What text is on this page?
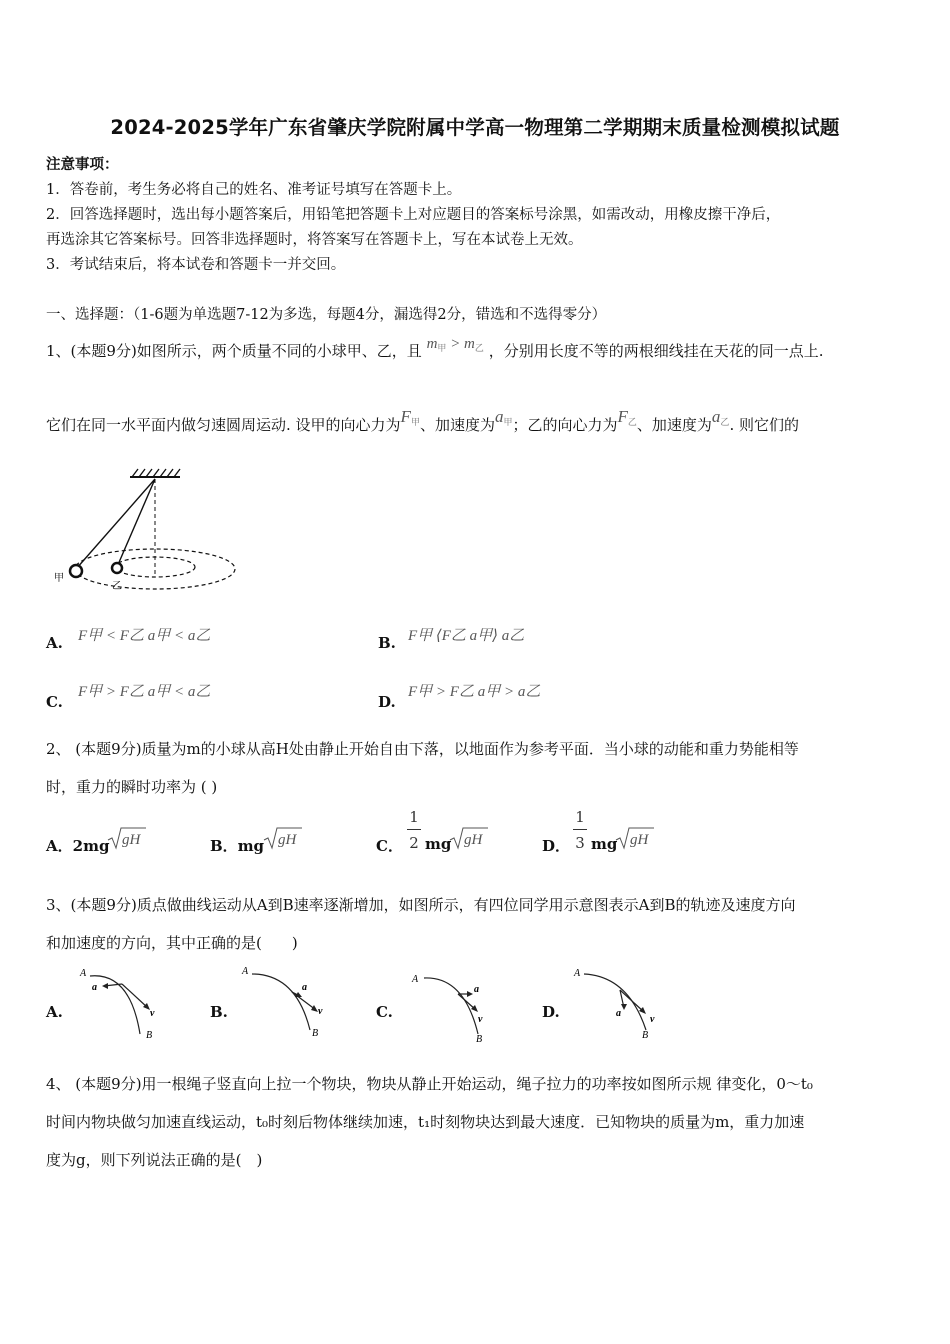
2024-2025学年广东省肇庆学院附属中学高一物理第二学期期末质量检测模拟试题
注意事项：
1．答卷前，考生务必将自己的姓名、准考证号填写在答题卡上。
2．回答选择题时，选出每小题答案后，用铅笔把答题卡上对应题目的答案标号涂黑，如需改动，用橡皮擦干净后，
再选涂其它答案标号。回答非选择题时，将答案写在答题卡上，写在本试卷上无效。
3．考试结束后，将本试卷和答题卡一并交回。
一、选择题：（1-6题为单选题7-12为多选，每题4分，漏选得2分，错选和不选得零分）
1、(本题9分)如图所示，两个质量不同的小球甲、乙，且 $m_甲 > m_乙$ ，分别用长度不等的两根细线挂在天花的同一点上.
它们在同一水平面内做匀速圆周运动. 设甲的向心力为$F_甲$、加速度为$a_甲$；乙的向心力为$F_乙$、加速度为$a_乙$. 则它们的
甲
乙
A. F甲 < F乙 a甲 < a乙	B. F甲 ⟨F乙 a甲⟩ a乙
C.
F甲 > F乙 a甲 < a乙
D.
F甲 > F乙 a甲 > a乙
2、 (本题9分)质量为m的小球从高H处由静止开始自由下落，以地面作为参考平面．当小球的动能和重力势能相等
时，重力的瞬时功率为 ( )
A．2mg gH	B．mg gH	C．
1
2 mg gH	D．
1
3 mg gH
3、(本题9分)质点做曲线运动从A到B速率逐渐增加，如图所示，有四位同学用示意图表示A到B的轨迹及速度方向
和加速度的方向，其中正确的是(　　)
A.
A
a
v
B
B.
A
a
v
B
C.
A
a
v
B
D.
A
a
v
B
4、 (本题9分)用一根绳子竖直向上拉一个物块，物块从静止开始运动，绳子拉力的功率按如图所示规 律变化，0～t₀
时间内物块做匀加速直线运动，t₀时刻后物体继续加速，t₁时刻物块达到最大速度．已知物块的质量为m，重力加速
度为g，则下列说法正确的是(　)
